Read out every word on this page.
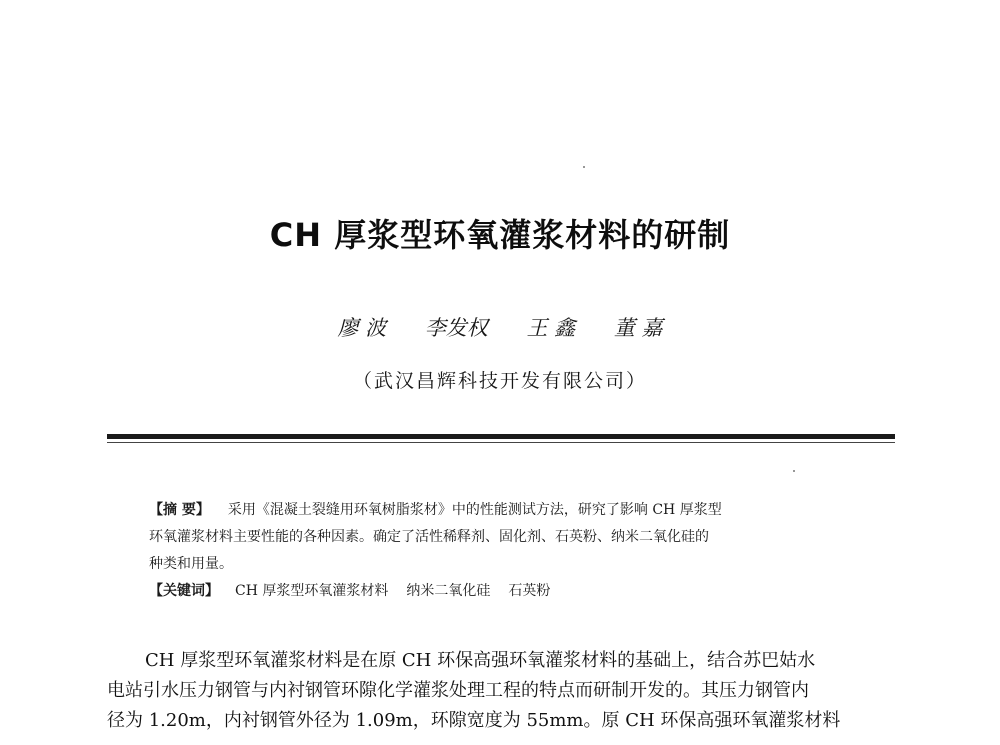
CH 厚浆型环氧灌浆材料的研制
廖 波 李发权 王 鑫 董 嘉
（武汉昌辉科技开发有限公司）
【摘 要】 采用《混凝土裂缝用环氧树脂浆材》中的性能测试方法，研究了影响 CH 厚浆型
环氧灌浆材料主要性能的各种因素。确定了活性稀释剂、固化剂、石英粉、纳米二氧化硅的
种类和用量。
【关键词】 CH 厚浆型环氧灌浆材料 纳米二氧化硅 石英粉
CH 厚浆型环氧灌浆材料是在原 CH 环保高强环氧灌浆材料的基础上，结合苏巴姑水
电站引水压力钢管与内衬钢管环隙化学灌浆处理工程的特点而研制开发的。其压力钢管内
径为 1.20m，内衬钢管外径为 1.09m，环隙宽度为 55mm。原 CH 环保高强环氧灌浆材料
